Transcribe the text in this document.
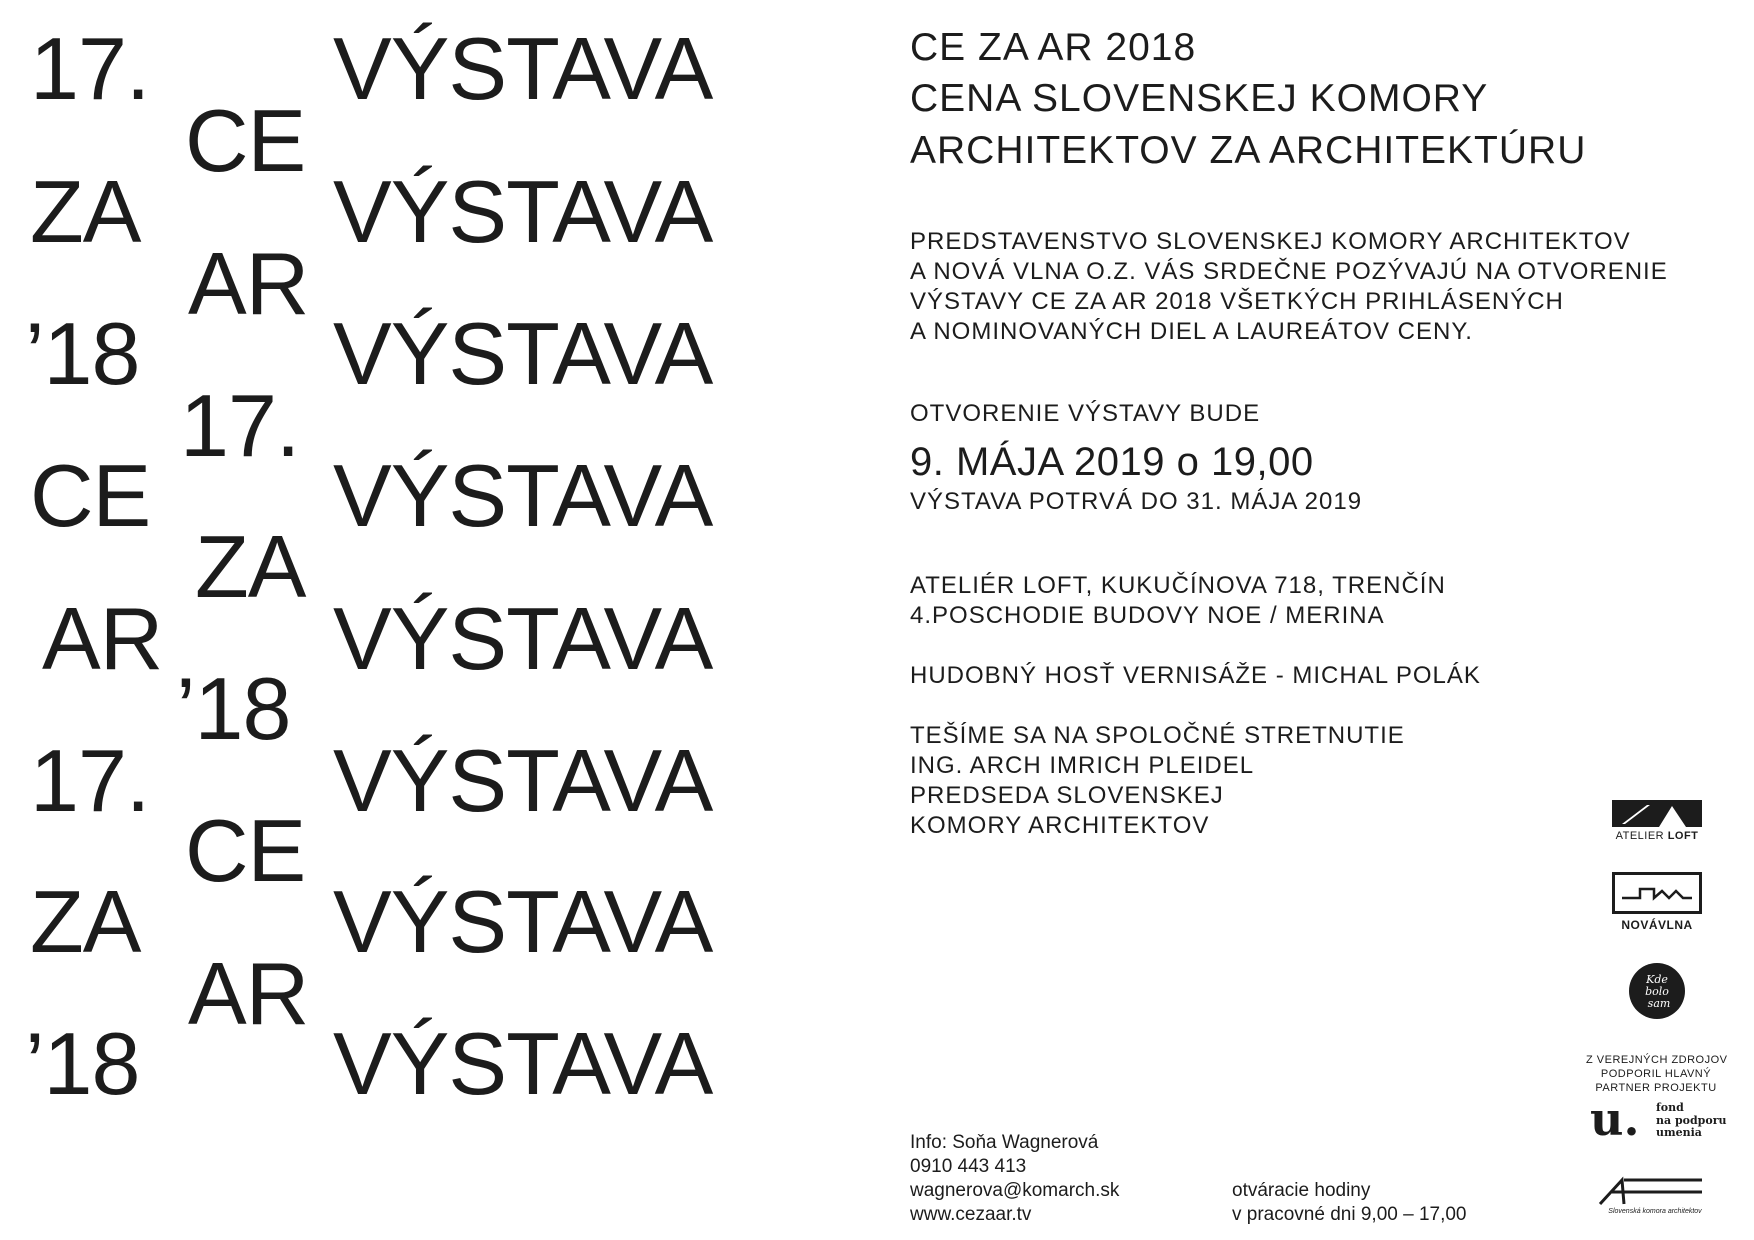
17.
ZA
’18
CE
AR
17.
ZA
’18
CE
AR
17.
ZA
’18
CE
AR
VÝSTAVA
VÝSTAVA
VÝSTAVA
VÝSTAVA
VÝSTAVA
VÝSTAVA
VÝSTAVA
VÝSTAVA
CE ZA AR 2018
CENA SLOVENSKEJ KOMORY
ARCHITEKTOV ZA ARCHITEKTÚRU
PREDSTAVENSTVO SLOVENSKEJ KOMORY ARCHITEKTOV
A NOVÁ VLNA O.Z. VÁS SRDEČNE POZÝVAJÚ NA OTVORENIE
VÝSTAVY CE ZA AR 2018 VŠETKÝCH PRIHLÁSENÝCH
A NOMINOVANÝCH DIEL A LAUREÁTOV CENY.
OTVORENIE VÝSTAVY BUDE
9. MÁJA 2019 o 19,00
VÝSTAVA POTRVÁ DO 31. MÁJA 2019
ATELIÉR LOFT, KUKUČÍNOVA 718, TRENČÍN
4.POSCHODIE BUDOVY NOE / MERINA
HUDOBNÝ HOSŤ VERNISÁŽE - MICHAL POLÁK
TEŠÍME SA NA SPOLOČNÉ STRETNUTIE
ING. ARCH IMRICH PLEIDEL
PREDSEDA SLOVENSKEJ
KOMORY ARCHITEKTOV
Info: Soňa Wagnerová
0910 443 413
wagnerova@komarch.sk
www.cezaar.tv
otváracie hodiny
v pracovné dni 9,00 – 17,00
ATELIER LOFT
NOVÁVLNA
Kde
bolo
sam
Z VEREJNÝCH ZDROJOV
PODPORIL HLAVNÝ
PARTNER PROJEKTU
u. fond
na podporu
umenia
Slovenská komora architektov
